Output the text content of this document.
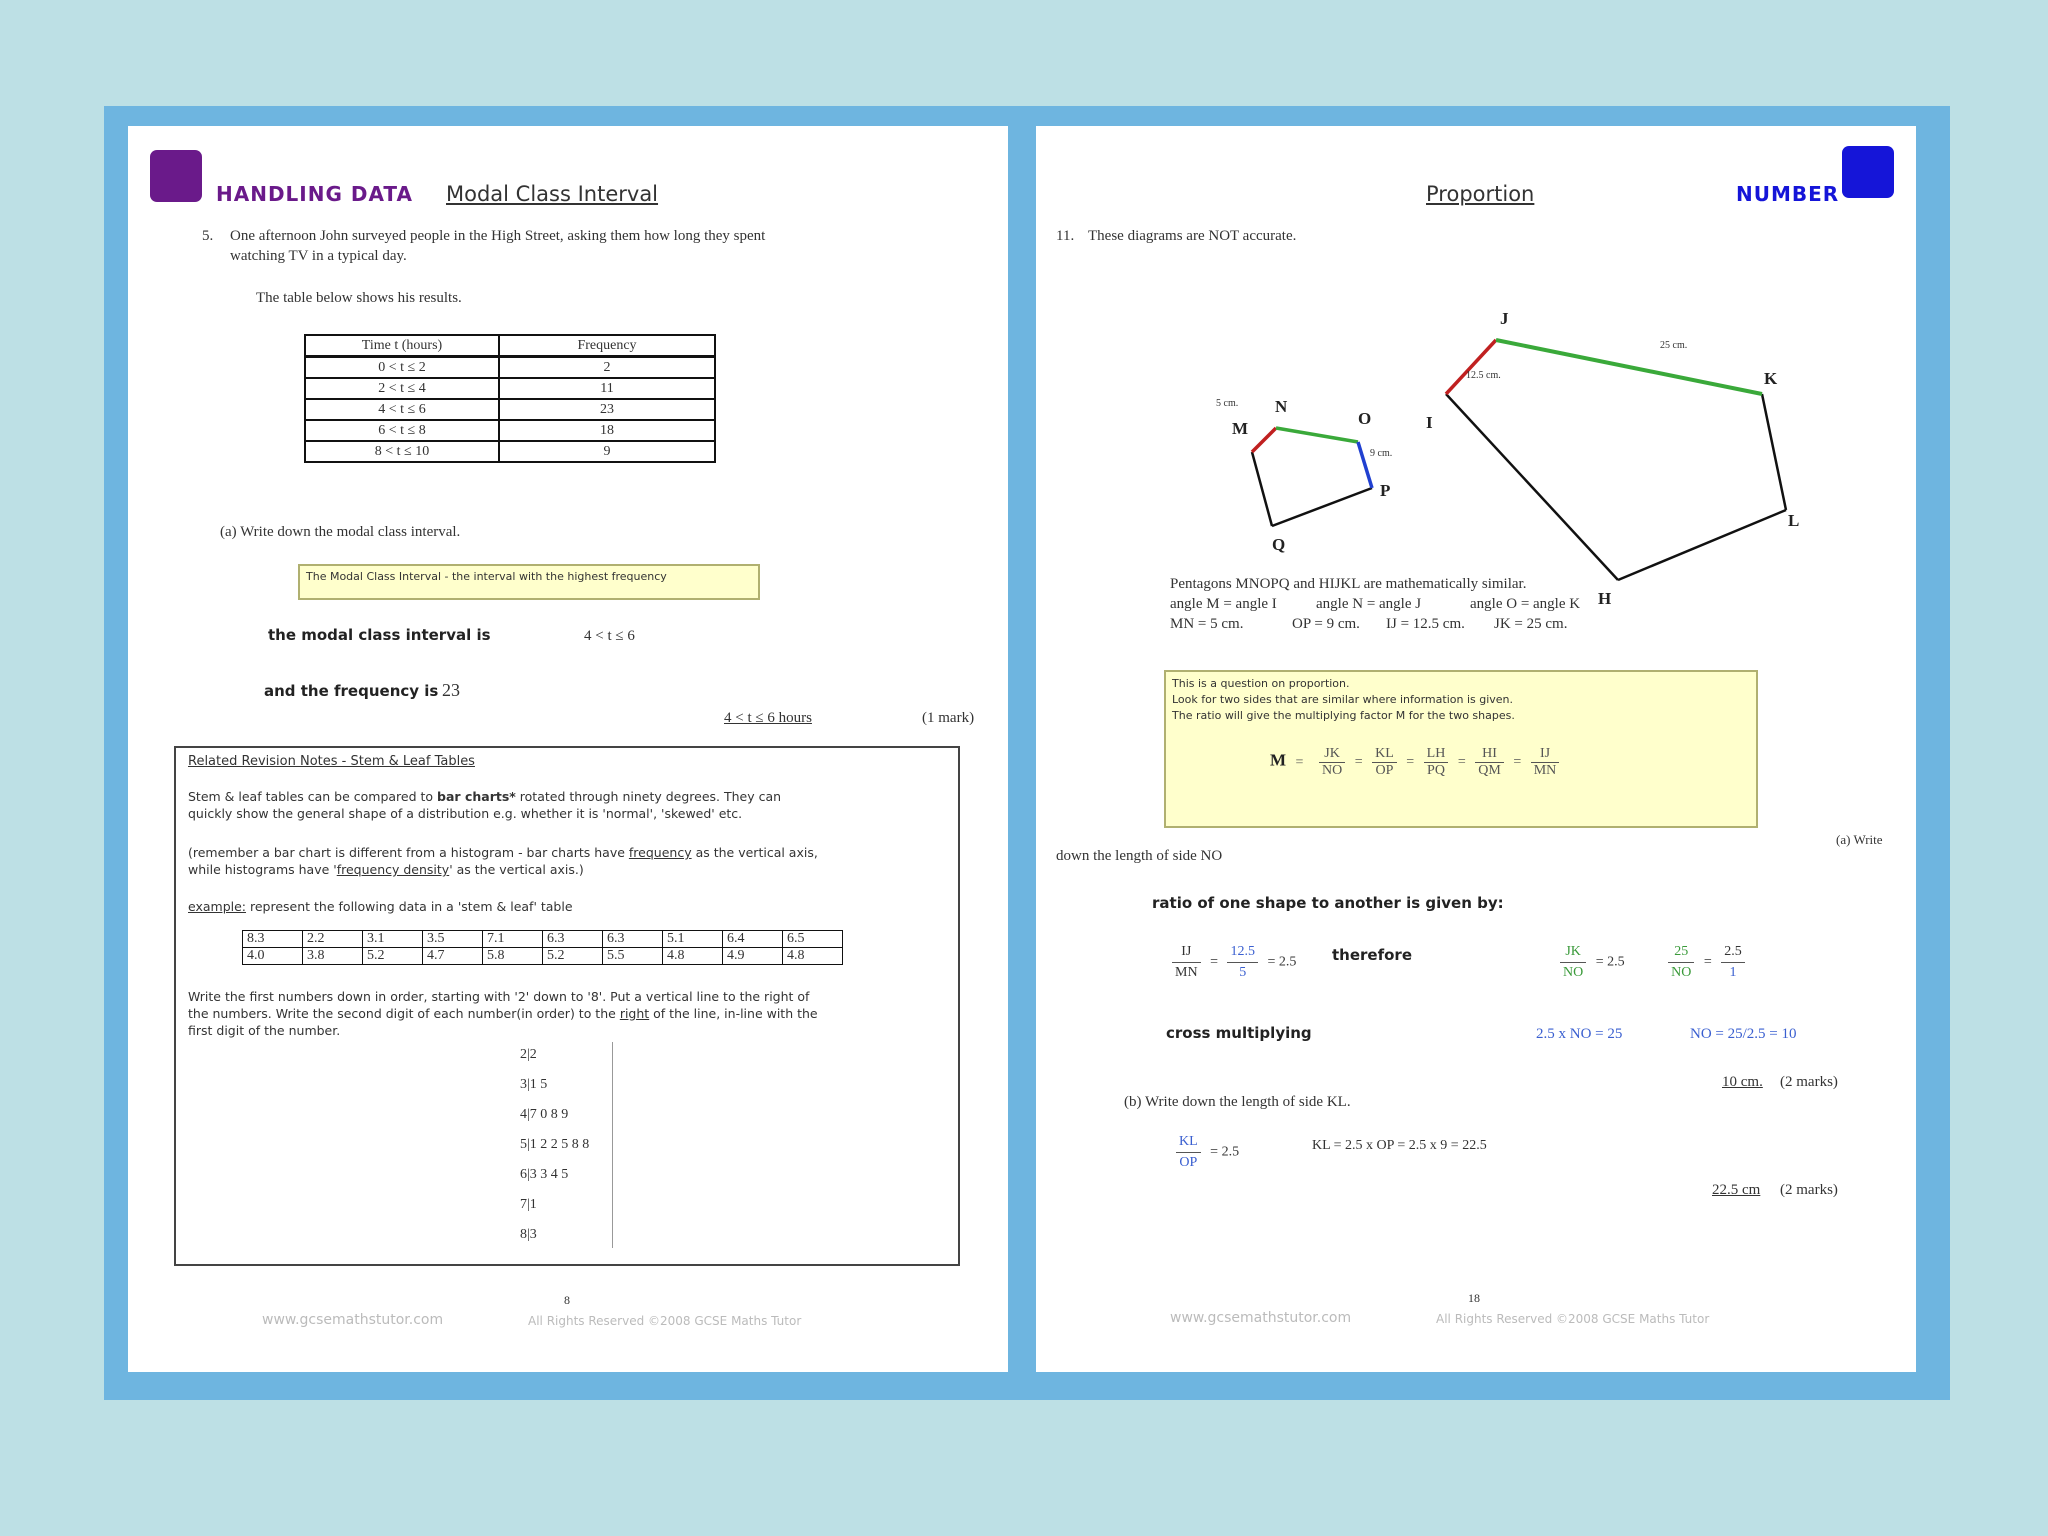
HANDLING DATA Modal Class Interval
5. One afternoon John surveyed people in the High Street, asking them how long they spent
watching TV in a typical day.
The table below shows his results.
Time t (hours)	Frequency
0 < t ≤ 2	2
2 < t ≤ 4	11
4 < t ≤ 6	23
6 < t ≤ 8	18
8 < t ≤ 10	9
(a) Write down the modal class interval.
The Modal Class Interval - the interval with the highest frequency
the modal class interval is	4 < t ≤ 6
and the frequency is 23
4 < t ≤ 6 hours	(1 mark)
Related Revision Notes - Stem & Leaf Tables

Stem & leaf tables can be compared to bar charts* rotated through ninety degrees. They can

quickly show the general shape of a distribution e.g. whether it is 'normal', 'skewed' etc.

(remember a bar chart is different from a histogram - bar charts have frequency as the vertical axis,

while histograms have 'frequency density' as the vertical axis.)

example: represent the following data in a 'stem & leaf' table

8.3	2.2	3.1	3.5	7.1	6.3	6.3	5.1	6.4	6.5
4.0	3.8	5.2	4.7	5.8	5.2	5.5	4.8	4.9	4.8

Write the first numbers down in order, starting with '2' down to '8'. Put a vertical line to the right of

the numbers. Write the second digit of each number(in order) to the right of the line, in-line with the

first digit of the number.

2|2
3|1 5
4|7 0 8 9
5|1 2 2 5 8 8
6|3 3 4 5
7|1
8|3
8
www.gcsemathstutor.com	All Rights Reserved ©2008 GCSE Maths Tutor
Proportion	NUMBER
11. These diagrams are NOT accurate.
M
N
O
P
Q
I
J
K
L
H
5 cm.
9 cm.
12.5 cm.
25 cm.
Pentagons MNOPQ and HIJKL are mathematically similar.
angle M = angle I	angle N = angle J	angle O = angle K
MN = 5 cm.	OP = 9 cm. IJ = 12.5 cm. JK = 25 cm.
This is a question on proportion.
Look for two sides that are similar where information is given.
The ratio will give the multiplying factor M for the two shapes.
$M = \frac{JK}{NO} = \frac{KL}{OP} = \frac{LH}{PQ} = \frac{HI}{QM} = \frac{IJ}{MN}$
(a) Write
down the length of side NO
ratio of one shape to another is given by:
$\frac{IJ}{MN} = \frac{12.5}{5} = 2.5$ therefore	$\frac{JK}{NO} = 2.5$	$\frac{25}{NO} = \frac{2.5}{1}$
cross multiplying	2.5 x NO = 25	NO = 25/2.5 = 10
10 cm. (2 marks)
(b) Write down the length of side KL.
$\frac{KL}{OP} = 2.5$	KL = 2.5 x OP = 2.5 x 9 = 22.5
22.5 cm (2 marks)
18
www.gcsemathstutor.com	All Rights Reserved ©2008 GCSE Maths Tutor
